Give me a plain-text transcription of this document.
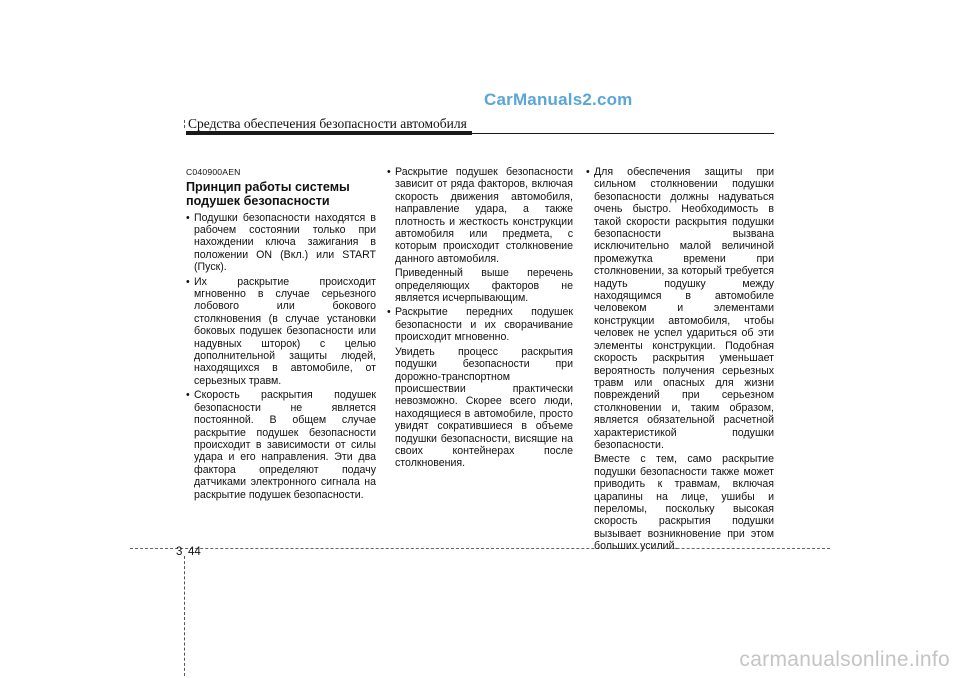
CarManuals2.com
Средства обеспечения безопасности автомобиля
C040900AEN
Принцип работы системы подушек безопасности
• Подушки безопасности находятся в рабочем состоянии только при нахождении ключа зажигания в положении ON (Вкл.) или START (Пуск).
• Их раскрытие происходит мгновенно в случае серьезного лобового или бокового столкновения (в случае установки боковых подушек безопасности или надувных шторок) с целью дополнительной защиты людей, находящихся в автомобиле, от серьезных травм.
• Скорость раскрытия подушек безопасности не является постоянной. В общем случае раскрытие подушек безопасности происходит в зависимости от силы удара и его направления. Эти два фактора определяют подачу датчиками электронного сигнала на раскрытие подушек безопасности.
• Раскрытие подушек безопасности зависит от ряда факторов, включая скорость движения автомобиля, направление удара, а также плотность и жесткость конструкции автомобиля или предмета, с которым происходит столкновение данного автомобиля.
Приведенный выше перечень определяющих факторов не является исчерпывающим.
• Раскрытие передних подушек безопасности и их сворачивание происходит мгновенно.
Увидеть процесс раскрытия подушки безопасности при дорожно-транспортном происшествии практически невозможно. Скорее всего люди, находящиеся в автомобиле, просто увидят сократившиеся в объеме подушки безопасности, висящие на своих контейнерах после столкновения.
• Для обеспечения защиты при сильном столкновении подушки безопасности должны надуваться очень быстро. Необходимость в такой скорости раскрытия подушки безопасности вызвана исключительно малой величиной промежутка времени при столкновении, за который требуется надуть подушку между находящимся в автомобиле человеком и элементами конструкции автомобиля, чтобы человек не успел удариться об эти элементы конструкции. Подобная скорость раскрытия уменьшает вероятность получения серьезных травм или опасных для жизни повреждений при серьезном столкновении и, таким образом, является обязательной расчетной характеристикой подушки безопасности.
Вместе с тем, само раскрытие подушки безопасности также может приводить к травмам, включая царапины на лице, ушибы и переломы, поскольку высокая скорость раскрытия подушки вызывает возникновение при этом больших усилий.
3 44
carmanualsonline.info
